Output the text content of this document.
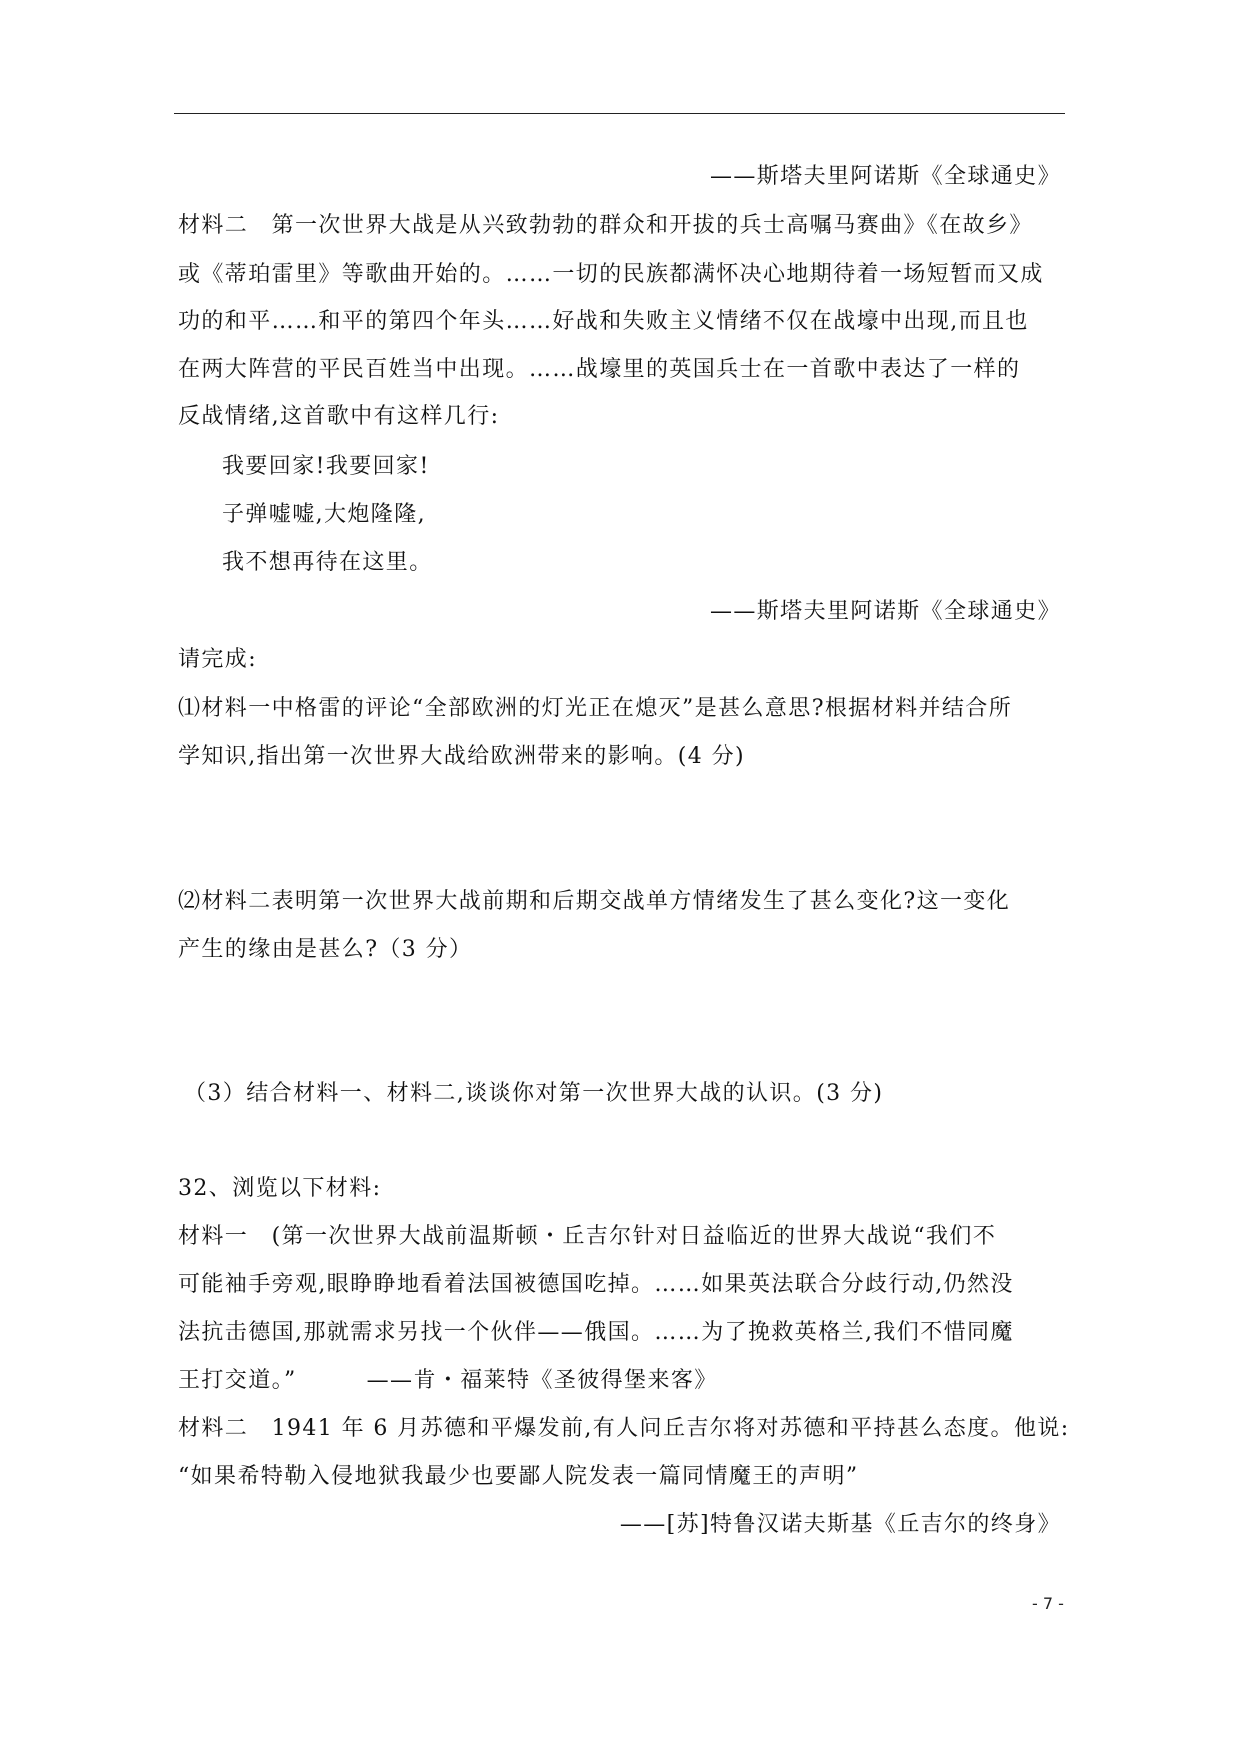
——斯塔夫里阿诺斯《全球通史》
材料二　第一次世界大战是从兴致勃勃的群众和开拔的兵士高嘱马赛曲》《在故乡》
或《蒂珀雷里》等歌曲开始的。……一切的民族都满怀决心地期待着一场短暂而又成
功的和平……和平的第四个年头……好战和失败主义情绪不仅在战壕中出现,而且也
在两大阵营的平民百姓当中出现。……战壕里的英国兵士在一首歌中表达了一样的
反战情绪,这首歌中有这样几行:
我要回家!我要回家!
子弹嘘嘘,大炮隆隆,
我不想再待在这里。
——斯塔夫里阿诺斯《全球通史》
请完成:
⑴材料一中格雷的评论“全部欧洲的灯光正在熄灭”是甚么意思?根据材料并结合所
学知识,指出第一次世界大战给欧洲带来的影响。(4 分)
⑵材料二表明第一次世界大战前期和后期交战单方情绪发生了甚么变化?这一变化
产生的缘由是甚么?（3 分）
（3）结合材料一、材料二,谈谈你对第一次世界大战的认识。(3 分)
32、浏览以下材料:
材料一　(第一次世界大战前温斯顿・丘吉尔针对日益临近的世界大战说“我们不
可能袖手旁观,眼睁睁地看着法国被德国吃掉。……如果英法联合分歧行动,仍然没
法抗击德国,那就需求另找一个伙伴——俄国。……为了挽救英格兰,我们不惜同魔
王打交道。”	——肯・福莱特《圣彼得堡来客》
材料二　1941 年 6 月苏德和平爆发前,有人问丘吉尔将对苏德和平持甚么态度。他说:
“如果希特勒入侵地狱我最少也要鄙人院发表一篇同情魔王的声明”
——[苏]特鲁汉诺夫斯基《丘吉尔的终身》
- 7 -
